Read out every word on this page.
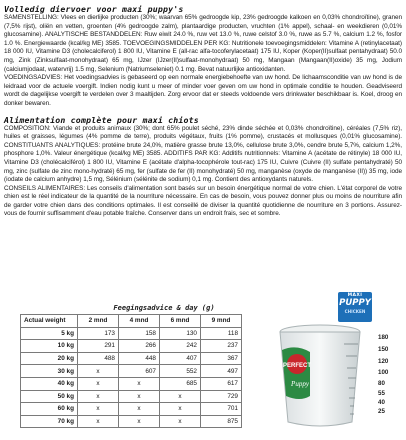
Volledig diervoer voor maxi puppy's

SAMENSTELLING: Vlees en dierlijke producten (30%; waarvan 65% gedroogde kip, 23% gedroogde kalkoen en 0,03% chondroïtine), granen (7,5% rijst), oliën en vetten, groenten (4% gedroogde zalm), plantaardige producten, vruchten (1% appel), schaal- en weekdieren (0,01% glucosamine). ANALYTISCHE BESTANDDELEN: Ruw eiwit 24.0 %, ruw vet 13.0 %, ruwe celstof 3.0 %, ruwe as 5.7 %, calcium 1.2 %, fosfor 1.0 %. Energiewaarde (kcal/kg ME) 3585. TOEVOEGINGSMIDDELEN PER KG: Nutritionele toevoegingsmiddelen: Vitamine A (retinylacetaat) 18 000 IU, Vitamine D3 (cholecalciferol) 1 800 IU, Vitamine E (all-rac alfa-tocoferylacetaat) 175 IU, Koper (Koper(II)sulfaat pentahydraat) 50.0 mg, Zink (Zinksulfaat-monohydraat) 65 mg, IJzer (IJzer(II)sulfaat-monohydraat) 50 mg, Mangaan (Mangaan(II)oxide) 35 mg, Jodium (calciumjodaat, watervrij) 1.5 mg, Selenium (Natriumseleniet) 0.1 mg. Bevat natuurlijke antioxidanten.

VOEDINGSADVIES: Het voedingsadvies is gebaseerd op een normale energiebehoefte van uw hond. De lichaamsconditie van uw hond is de leidraad voor de actuele voergift. Indien nodig kunt u meer of minder voer geven om uw hond in optimale conditie te houden. Geadviseerd wordt de dagelijkse voergift te verdelen over 3 maaltijden. Zorg ervoor dat er steeds voldoende vers drinkwater beschikbaar is. Koel, droog en donker bewaren.

Alimentation complète pour maxi chiots

COMPOSITION: Viande et produits animaux (30%; dont 65% poulet séché, 23% dinde séchée et 0,03% chondroïtine), céréales (7,5% riz), huiles et graisses, légumes (4% pomme de terre), produits végétaux, fruits (1% pomme), crustacés et mollusques (0,01% glucosamine). CONSTITUANTS ANALYTIQUES: protéine brute 24,0%, matière grasse brute 13,0%, cellulose brute 3,0%, cendre brute 5,7%, calcium 1,2%, phosphore 1,0%. Valeur énergétique (kcal/kg ME) 3585. ADDITIFS PAR KG: Additifs nutritionnels: Vitamine A (acétate de rétinyle) 18 000 IU, Vitamine D3 (cholécalciférol) 1 800 IU, Vitamine E (acétate d'alpha-tocophérole tout-rac) 175 IU, Cuivre (Cuivre (II) sulfate pentahydraté) 50 mg, zinc (sulfate de zinc mono-hydraté) 65 mg, fer (sulfate de fer (II) monohydraté) 50 mg, manganèse (oxyde de manganèse (II)) 35 mg, iode (iodate de calcium anhydre) 1,5 mg, Sélénium (sélénite de sodium) 0,1 mg. Contient des antioxydants naturels.

CONSEILS ALIMENTAIRES: Les conseils d'alimentation sont basés sur un besoin énergétique normal de votre chien. L'état corporel de votre chien est le réel indicateur de la quantité de la nourriture nécessaire. En cas de besoin, vous pouvez donner plus ou moins de nourriture afin de garder votre chien dans des conditions optimales. Il est conseillé de diviser la quantité quotidienne de nourriture en 3 portions. Assurez-vous de fournir suffisamment d'eau potable fraîche. Conserver dans un endroit frais, sec et sombre.

Feegingsadvice & day (g)
Actual weight	2 mnd	4 mnd	6 mnd	9 mnd
5 kg	173	158	130	118
10 kg	291	266	242	237
20 kg	488	448	407	367
30 kg	x	607	552	497
40 kg	x	x	685	617
50 kg	x	x	x	729
60 kg	x	x	x	701
70 kg	x	x	x	875
MAXI
PUPPY
CHICKEN
PERFECT
Puppy
180
150
120
100
80
55
40
25
